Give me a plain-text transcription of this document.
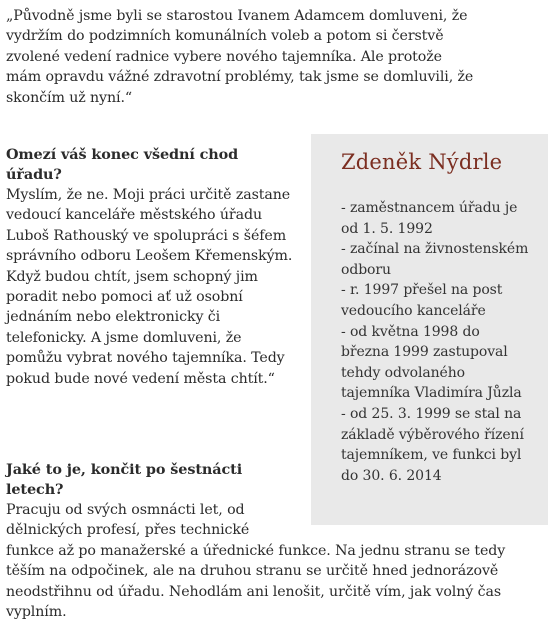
„Původně jsme byli se starostou Ivanem Adamcem domluveni, že vydržím do podzimních komunálních voleb a potom si čerstvě zvolené vedení radnice vybere nového tajemníka. Ale protože mám opravdu vážné zdravotní problémy, tak jsme se domluvili, že skončím už nyní.“

Omezí váš konec všední chod úřadu?
Myslím, že ne. Moji práci určitě zastane vedoucí kanceláře městského úřadu Luboš Rathouský ve spolupráci s šéfem správního odboru Leošem Křemenským. Když budou chtít, jsem schopný jim poradit nebo pomoci ať už osobní jednáním nebo elektronicky či telefonicky. A jsme domluveni, že pomůžu vybrat nového tajemníka. Tedy pokud bude nové vedení města chtít.“
Jaké to je, končit po šestnácti letech?
Pracuju od svých osmnácti let, od dělnických profesí, přes technické
funkce až po manažerské a úřednické funkce. Na jednu stranu se tedy těším na odpočinek, ale na druhou stranu se určitě hned jednorázově neodstřihnu od úřadu. Nehodlám ani lenošit, určitě vím, jak volný čas vyplním.
Zdeněk Nýdrle
- zaměstnancem úřadu je od 1. 5. 1992
- začínal na živnostenském odboru
- r. 1997 přešel na post vedoucího kanceláře
- od května 1998 do března 1999 zastupoval tehdy odvolaného tajemníka Vladimíra Jůzla
- od 25. 3. 1999 se stal na základě výběrového řízení tajemníkem, ve funkci byl do 30. 6. 2014
